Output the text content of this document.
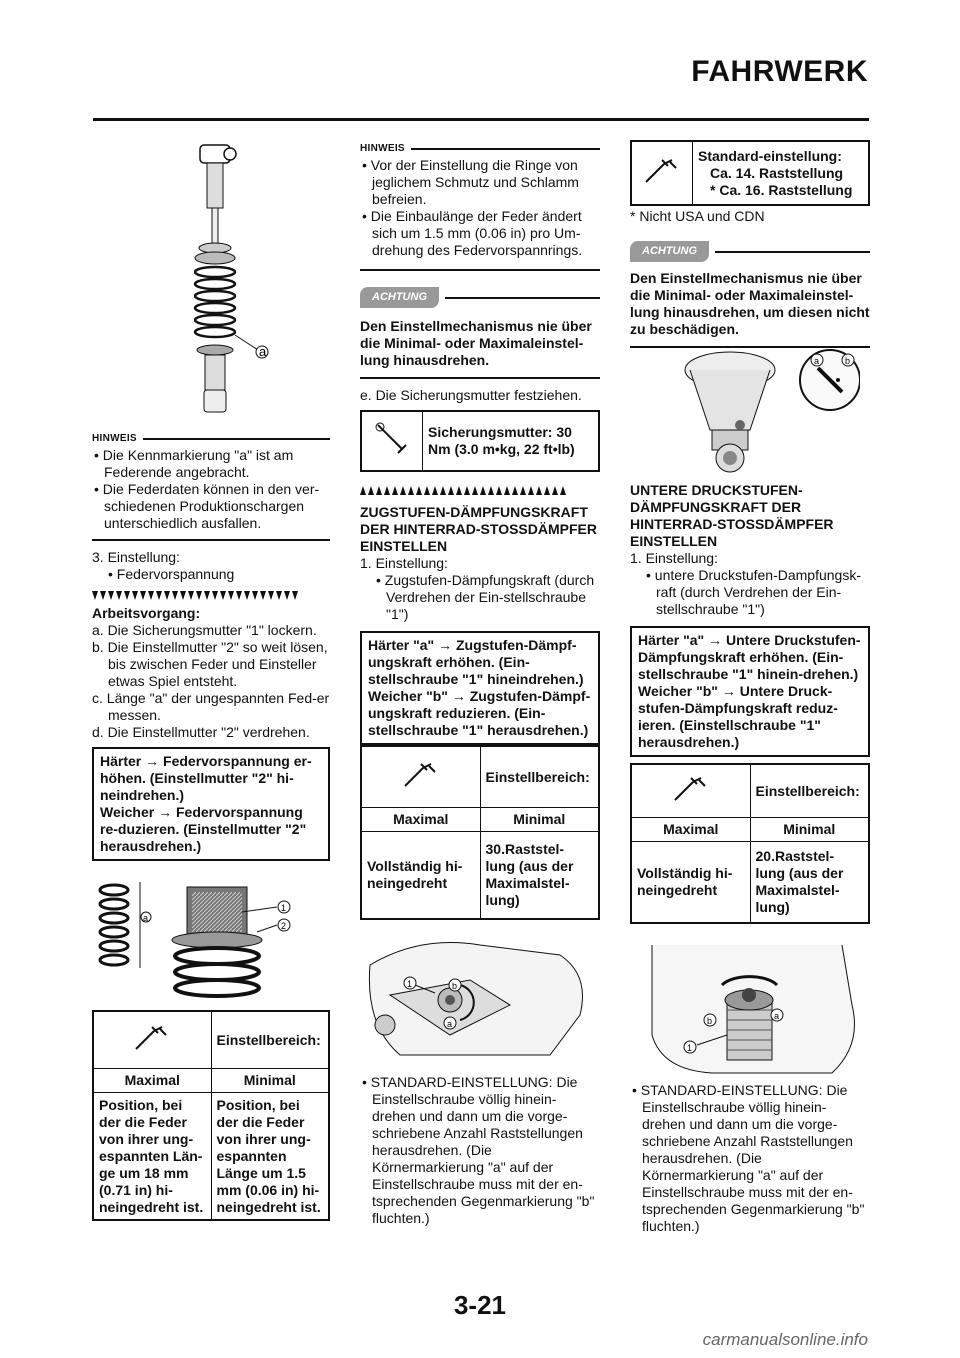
FAHRWERK
a
HINWEIS

• Die Kennmarkierung "a" ist am Federende angebracht.

• Die Federdaten können in den ver-schiedenen Produktionschargen unterschiedlich ausfallen.

3. Einstellung:

• Federvorspannung

Arbeitsvorgang:

a. Die Sicherungsmutter "1" lockern.

b. Die Einstellmutter "2" so weit lösen, bis zwischen Feder und Einsteller etwas Spiel entsteht.

c. Länge "a" der ungespannten Fed-er messen.

d. Die Einstellmutter "2" verdrehen.

Härter → Federvorspannung er-höhen. (Einstellmutter "2" hi-neindrehen.)
Weicher → Federvorspannung re-duzieren. (Einstellmutter "2" herausdrehen.)
a
1
2
	Einstellbereich:
Maximal	Minimal
Position, bei der die Feder von ihrer ung-espannten Län-ge um 18 mm (0.71 in) hi-neingedreht ist.	Position, bei der die Feder von ihrer ung-espannten Länge um 1.5 mm (0.06 in) hi-neingedreht ist.
HINWEIS

• Vor der Einstellung die Ringe von jeglichem Schmutz und Schlamm befreien.

• Die Einbaulänge der Feder ändert sich um 1.5 mm (0.06 in) pro Um-drehung des Federvorspannrings.

ACHTUNG
Den Einstellmechanismus nie über die Minimal- oder Maximaleinstel-lung hinausdrehen.
e. Die Sicherungsmutter festziehen.
	Sicherungsmutter: 30 Nm (3.0 m•kg, 22 ft•lb)
ZUGSTUFEN-DÄMPFUNGSKRAFT DER HINTERRAD-STOSSDÄMPFER EINSTELLEN
1. Einstellung:

• Zugstufen-Dämpfungskraft (durch Verdrehen der Ein-stellschraube "1")

Härter "a" → Zugstufen-Dämpf-ungskraft erhöhen. (Ein-stellschraube "1" hineindrehen.)
Weicher "b" → Zugstufen-Dämpf-ungskraft reduzieren. (Ein-stellschraube "1" herausdrehen.)
	Einstellbereich:
Maximal	Minimal
Vollständig hi-neingedreht	30.Raststel-lung (aus der Maximalstel-lung)
1	b
a

• STANDARD-EINSTELLUNG: Die Einstellschraube völlig hinein-drehen und dann um die vorge-schriebene Anzahl Raststellungen herausdrehen. (Die Körnermarkierung "a" auf der Einstellschraube muss mit der en-tsprechenden Gegenmarkierung "b" fluchten.)

Standard-einstellung:
Ca. 14. Raststellung
* Ca. 16. Raststellung
* Nicht USA und CDN
ACHTUNG
Den Einstellmechanismus nie über die Minimal- oder Maximaleinstel-lung hinausdrehen, um diesen nicht zu beschädigen.
a	b
UNTERE DRUCKSTUFEN-DÄMPFUNGSKRAFT DER HINTERRAD-STOSSDÄMPFER EINSTELLEN
1. Einstellung:

• untere Druckstufen-Dampfungsk-raft (durch Verdrehen der Ein-stellschraube "1")

Härter "a" → Untere Druckstufen-Dämpfungskraft erhöhen. (Ein-stellschraube "1" hinein-drehen.)
Weicher "b" → Untere Druck-stufen-Dämpfungskraft reduz-ieren. (Einstellschraube "1" herausdrehen.)
	Einstellbereich:
Maximal	Minimal
Vollständig hi-neingedreht	20.Raststel-lung (aus der Maximalstel-lung)
b	a
1

• STANDARD-EINSTELLUNG: Die Einstellschraube völlig hinein-drehen und dann um die vorge-schriebene Anzahl Raststellungen herausdrehen. (Die Körnermarkierung "a" auf der Einstellschraube muss mit der en-tsprechenden Gegenmarkierung "b" fluchten.)

3-21
carmanualsonline.info
